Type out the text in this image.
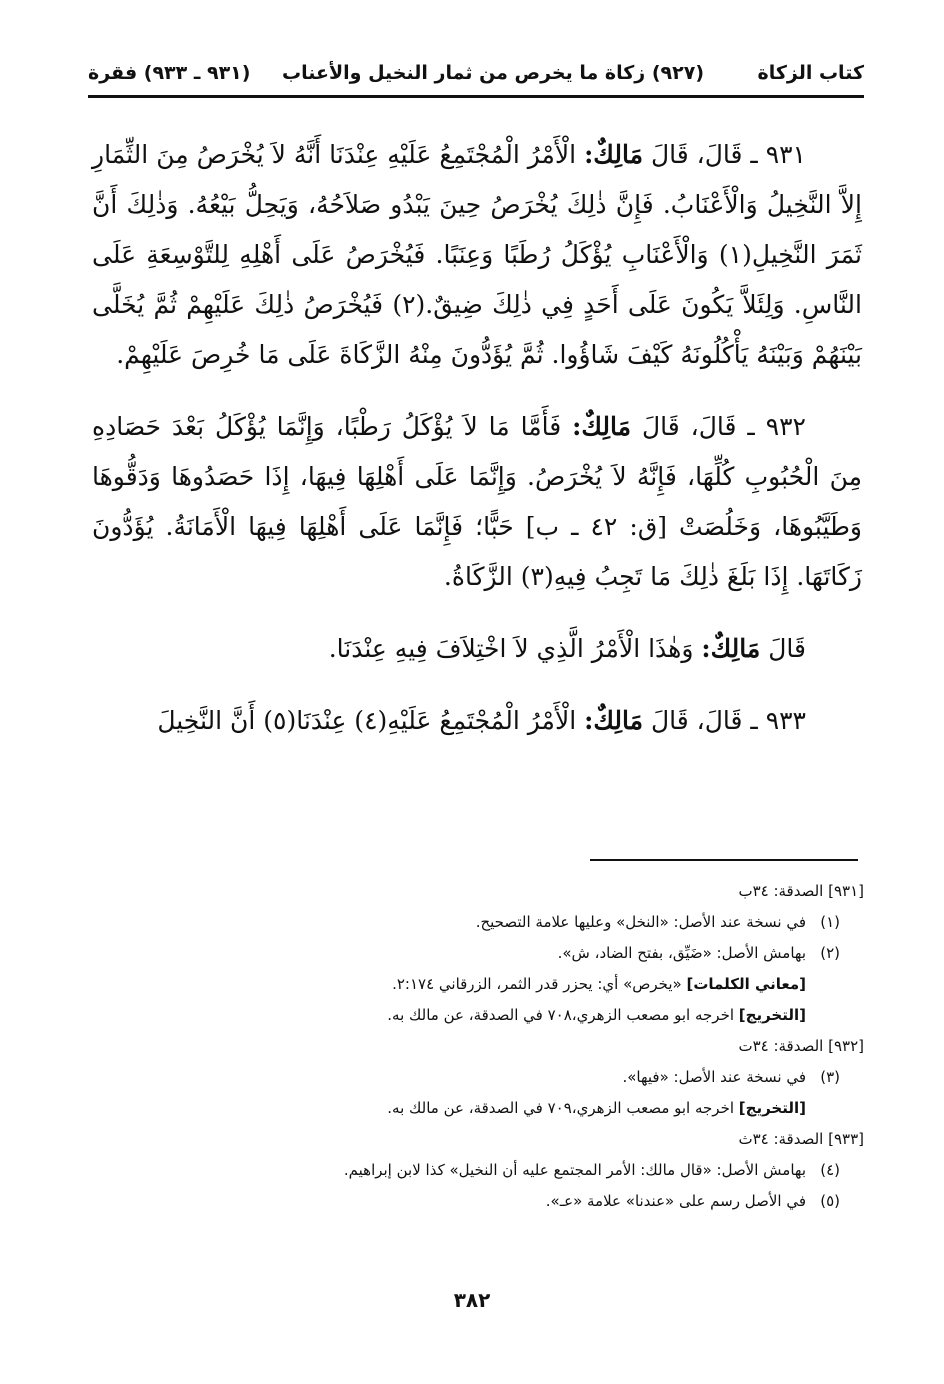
كتاب الزكاة
(٩٢٧) زكاة ما يخرص من ثمار النخيل والأعناب
(٩٣١ ـ ٩٣٣) فقرة

٩٣١ ـ قَالَ، قَالَ مَالِكٌ: الْأَمْرُ الْمُجْتَمِعُ عَلَيْهِ عِنْدَنَا أَنَّهُ لاَ يُخْرَصُ مِنَ الثِّمَارِ إِلاَّ النَّخِيلُ وَالْأَعْنَابُ. فَإِنَّ ذٰلِكَ يُخْرَصُ حِينَ يَبْدُو صَلاَحُهُ، وَيَحِلُّ بَيْعُهُ. وَذٰلِكَ أَنَّ ثَمَرَ النَّخِيلِ(١) وَالْأَعْنَابِ يُؤْكَلُ رُطَبًا وَعِنَبًا. فَيُخْرَصُ عَلَى أَهْلِهِ لِلتَّوْسِعَةِ عَلَى النَّاسِ. وَلِئَلاَّ يَكُونَ عَلَى أَحَدٍ فِي ذٰلِكَ ضِيقٌ.(٢) فَيُخْرَصُ ذٰلِكَ عَلَيْهِمْ ثُمَّ يُخَلَّى بَيْنَهُمْ وَبَيْنَهُ يَأْكُلُونَهُ كَيْفَ شَاؤُوا. ثُمَّ يُؤَدُّونَ مِنْهُ الزَّكَاةَ عَلَى مَا خُرِصَ عَلَيْهِمْ.

٩٣٢ ـ قَالَ، قَالَ مَالِكٌ: فَأَمَّا مَا لاَ يُؤْكَلُ رَطْبًا، وَإِنَّمَا يُؤْكَلُ بَعْدَ حَصَادِهِ مِنَ الْحُبُوبِ كُلِّهَا، فَإِنَّهُ لاَ يُخْرَصُ. وَإِنَّمَا عَلَى أَهْلِهَا فِيهَا، إِذَا حَصَدُوهَا وَدَقُّوهَا وَطَيَّبُوهَا، وَخَلُصَتْ [ق: ٤٢ ـ ب] حَبًّا؛ فَإِنَّمَا عَلَى أَهْلِهَا فِيهَا الْأَمَانَةُ. يُؤَدُّونَ زَكَاتَهَا. إِذَا بَلَغَ ذٰلِكَ مَا تَجِبُ فِيهِ(٣) الزَّكَاةُ.

قَالَ مَالِكٌ: وَهٰذَا الْأَمْرُ الَّذِي لاَ اخْتِلاَفَ فِيهِ عِنْدَنَا.

٩٣٣ ـ قَالَ، قَالَ مَالِكٌ: الْأَمْرُ الْمُجْتَمِعُ عَلَيْهِ(٤) عِنْدَنَا(٥) أَنَّ النَّخِيلَ

[٩٣١] الصدقة: ٣٤ب

(١)في نسخة عند الأصل: «النخل» وعليها علامة التصحيح.

(٢)بهامش الأصل: «ضَيِّق، بفتح الضاد، ش».

[معاني الكلمات] «يخرص» أي: يحزر قدر الثمر، الزرقاني ٢:١٧٤.

[التخريج] اخرجه ابو مصعب الزهري،٧٠٨ في الصدقة، عن مالك به.

[٩٣٢] الصدقة: ٣٤ت

(٣)في نسخة عند الأصل: «فيها».

[التخريج] اخرجه ابو مصعب الزهري،٧٠٩ في الصدقة، عن مالك به.

[٩٣٣] الصدقة: ٣٤ث

(٤)بهامش الأصل: «قال مالك: الأمر المجتمع عليه أن النخيل» كذا لابن إبراهيم.

(٥)في الأصل رسم على «عندنا» علامة «عـ».

٣٨٢
